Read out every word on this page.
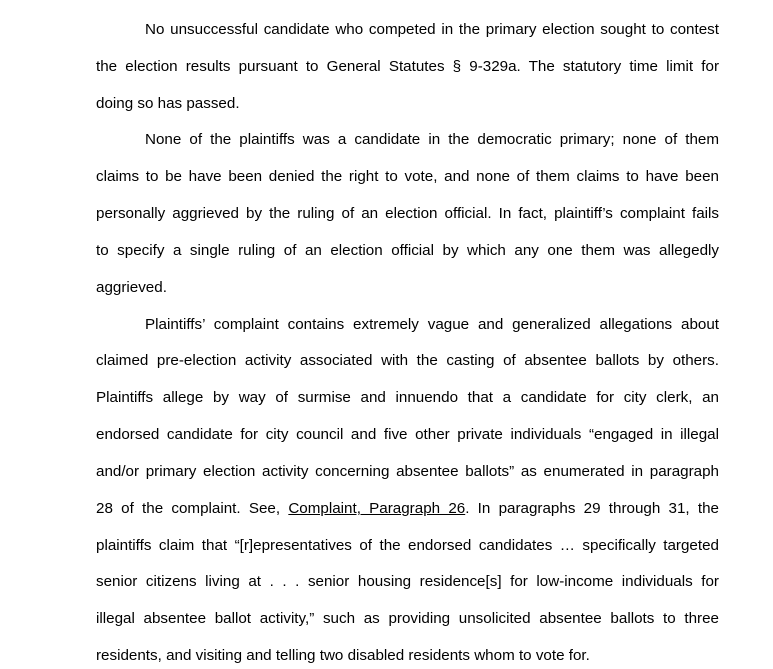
No unsuccessful candidate who competed in the primary election sought to contest
the election results pursuant to General Statutes § 9-329a. The statutory time limit for
doing so has passed.
None of the plaintiffs was a candidate in the democratic primary; none of them
claims to be have been denied the right to vote, and none of them claims to have been
personally aggrieved by the ruling of an election official. In fact, plaintiff’s complaint fails
to specify a single ruling of an election official by which any one them was allegedly
aggrieved.
Plaintiffs’ complaint contains extremely vague and generalized allegations about
claimed pre-election activity associated with the casting of absentee ballots by others.
Plaintiffs allege by way of surmise and innuendo that a candidate for city clerk, an
endorsed candidate for city council and five other private individuals “engaged in illegal
and/or primary election activity concerning absentee ballots” as enumerated in paragraph
28 of the complaint. See, Complaint, Paragraph 26. In paragraphs 29 through 31, the
plaintiffs claim that “[r]epresentatives of the endorsed candidates … specifically targeted
senior citizens living at . . . senior housing residence[s] for low-income individuals for
illegal absentee ballot activity,” such as providing unsolicited absentee ballots to three
residents, and visiting and telling two disabled residents whom to vote for.
